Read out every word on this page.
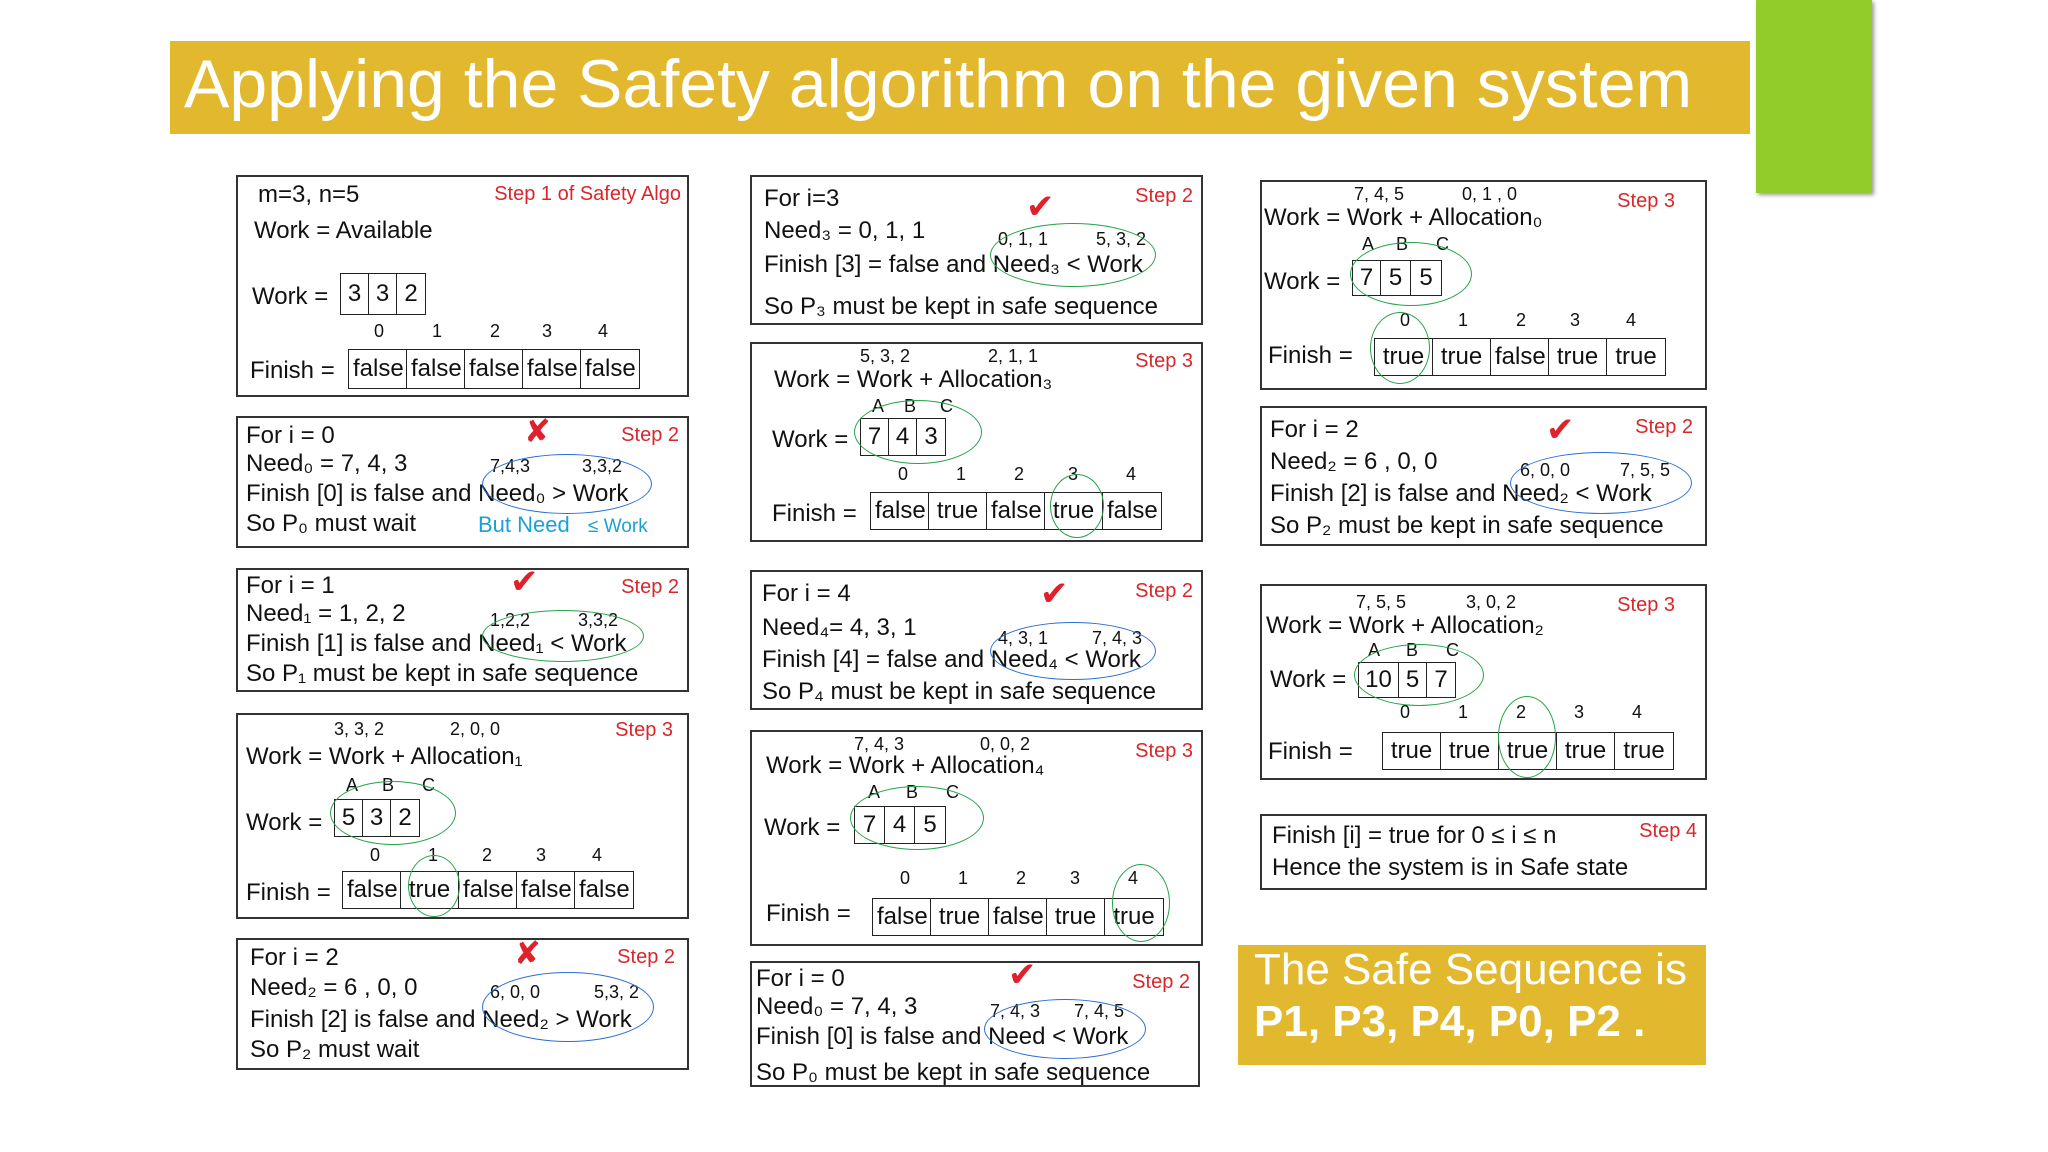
Applying the Safety algorithm on the given system
m=3, n=5	Step 1 of Safety Algo
Work = Available
Work = 3 3 2
0	1	2 3	4
Finish = false false false false false
For i = 0	✘	Step 2
Need₀ = 7, 4, 3	7,4,3	3,3,2
Finish [0] is false and Need₀ > Work
So P₀ must wait	But Need ≤ Work
For i = 1	✔	Step 2
Need₁ = 1, 2, 2	1,2,2	3,3,2
Finish [1] is false and Need₁ < Work
So P₁ must be kept in safe sequence
3, 3, 2	2, 0, 0	Step 3
Work = Work + Allocation₁
A B C
Work = 5 3 2
0	1 2 3	4
Finish = false true false false false
For i = 2	✘	Step 2
Need₂ = 6 , 0, 0	6, 0, 0	5,3, 2
Finish [2] is false and Need₂ > Work
So P₂ must wait
For i=3	✔	Step 2
Need₃ = 0, 1, 1	0, 1, 1	5, 3, 2
Finish [3] = false and Need₃ < Work
So P₃ must be kept in safe sequence
5, 3, 2	2, 1, 1	Step 3
Work = Work + Allocation₃
A B C
Work = 7 4 3
0	1	2 3	4
Finish = false true false true false
For i = 4	✔	Step 2
Need₄= 4, 3, 1	4, 3, 1 7, 4, 3
Finish [4] = false and Need₄ < Work
So P₄ must be kept in safe sequence
7, 4, 3	0, 0, 2	Step 3
Work = Work + Allocation₄
A B C
Work = 7 4 5
0	1	2 3	4
Finish = false true false true true
For i = 0	✔	Step 2
Need₀ = 7, 4, 3	7, 4, 3 7, 4, 5
Finish [0] is false and Need < Work
So P₀ must be kept in safe sequence
7, 4, 5	0, 1 , 0	Step 3
Work = Work + Allocation₀
A B C
Work = 7 5 5
0	1	2 3	4
Finish =	true true false true true
For i = 2	✔	Step 2
Need₂ = 6 , 0, 0	6, 0, 0	7, 5, 5
Finish [2] is false and Need₂ < Work
So P₂ must be kept in safe sequence
7, 5, 5	3, 0, 2	Step 3
Work = Work + Allocation₂
A B C
Work = 10 5 7
0	1	2	3	4
Finish =	true true true true true
Finish [i] = true for 0 ≤ i ≤ n	Step 4
Hence the system is in Safe state
The Safe Sequence is
P1, P3, P4, P0, P2 .
